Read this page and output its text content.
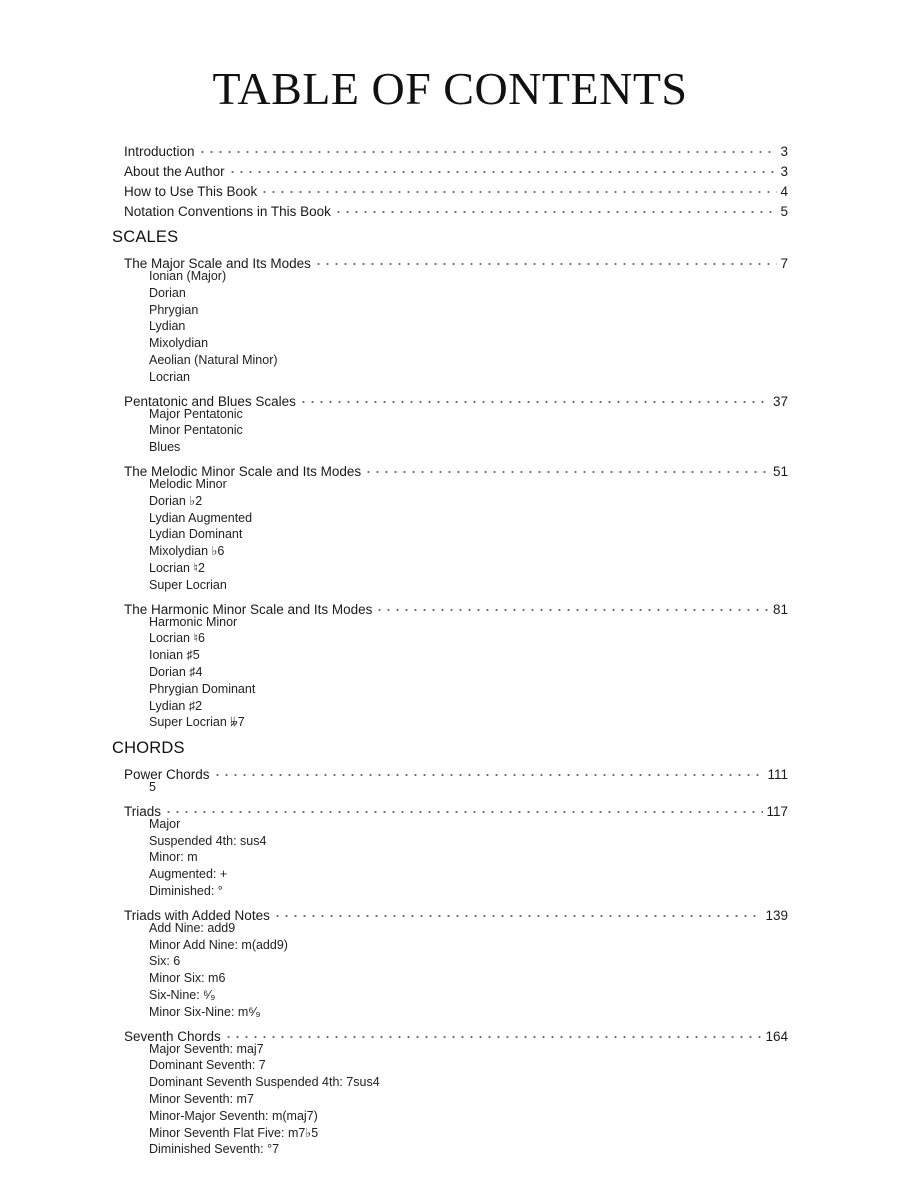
TABLE OF CONTENTS
Introduction	3
About the Author	3
How to Use This Book	4
Notation Conventions in This Book	5
SCALES
The Major Scale and Its Modes	7
Ionian (Major)
Dorian
Phrygian
Lydian
Mixolydian
Aeolian (Natural Minor)
Locrian
Pentatonic and Blues Scales	37
Major Pentatonic
Minor Pentatonic
Blues
The Melodic Minor Scale and Its Modes	51
Melodic Minor
Dorian ♭2
Lydian Augmented
Lydian Dominant
Mixolydian ♭6
Locrian ♮2
Super Locrian
The Harmonic Minor Scale and Its Modes	81
Harmonic Minor
Locrian ♮6
Ionian ♯5
Dorian ♯4
Phrygian Dominant
Lydian ♯2
Super Locrian 𝄫7
CHORDS
Power Chords	111
5
Triads	117
Major
Suspended 4th: sus4
Minor: m
Augmented: +
Diminished: °
Triads with Added Notes	139
Add Nine: add9
Minor Add Nine: m(add9)
Six: 6
Minor Six: m6
Six-Nine: ⁶⁄₉
Minor Six-Nine: m⁶⁄₉
Seventh Chords	164
Major Seventh: maj7
Dominant Seventh: 7
Dominant Seventh Suspended 4th: 7sus4
Minor Seventh: m7
Minor-Major Seventh: m(maj7)
Minor Seventh Flat Five: m7♭5
Diminished Seventh: °7
